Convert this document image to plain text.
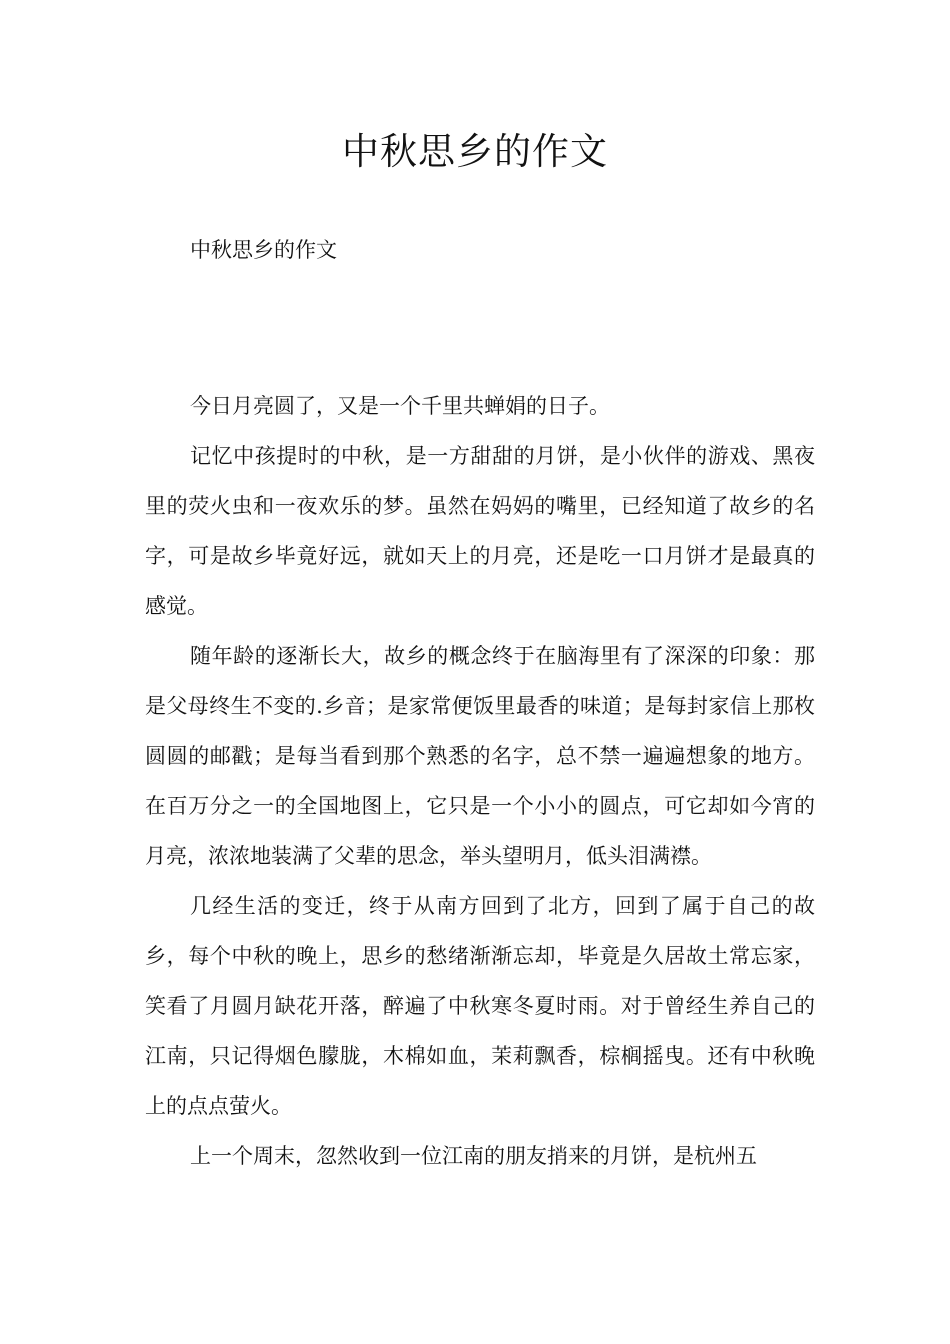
中秋思乡的作文

中秋思乡的作文

今日月亮圆了，又是一个千里共蝉娟的日子。

记忆中孩提时的中秋，是一方甜甜的月饼，是小伙伴的游戏、黑夜里的荧火虫和一夜欢乐的梦。虽然在妈妈的嘴里，已经知道了故乡的名字，可是故乡毕竟好远，就如天上的月亮，还是吃一口月饼才是最真的感觉。

随年龄的逐渐长大，故乡的概念终于在脑海里有了深深的印象：那是父母终生不变的.乡音；是家常便饭里最香的味道；是每封家信上那枚圆圆的邮戳；是每当看到那个熟悉的名字，总不禁一遍遍想象的地方。在百万分之一的全国地图上，它只是一个小小的圆点，可它却如今宵的月亮，浓浓地装满了父辈的思念，举头望明月，低头泪满襟。

几经生活的变迁，终于从南方回到了北方，回到了属于自己的故乡，每个中秋的晚上，思乡的愁绪渐渐忘却，毕竟是久居故土常忘家，笑看了月圆月缺花开落，醉遍了中秋寒冬夏时雨。对于曾经生养自己的江南，只记得烟色朦胧，木棉如血，茉莉飘香，棕榈摇曳。还有中秋晚上的点点萤火。

上一个周末，忽然收到一位江南的朋友捎来的月饼，是杭州五
